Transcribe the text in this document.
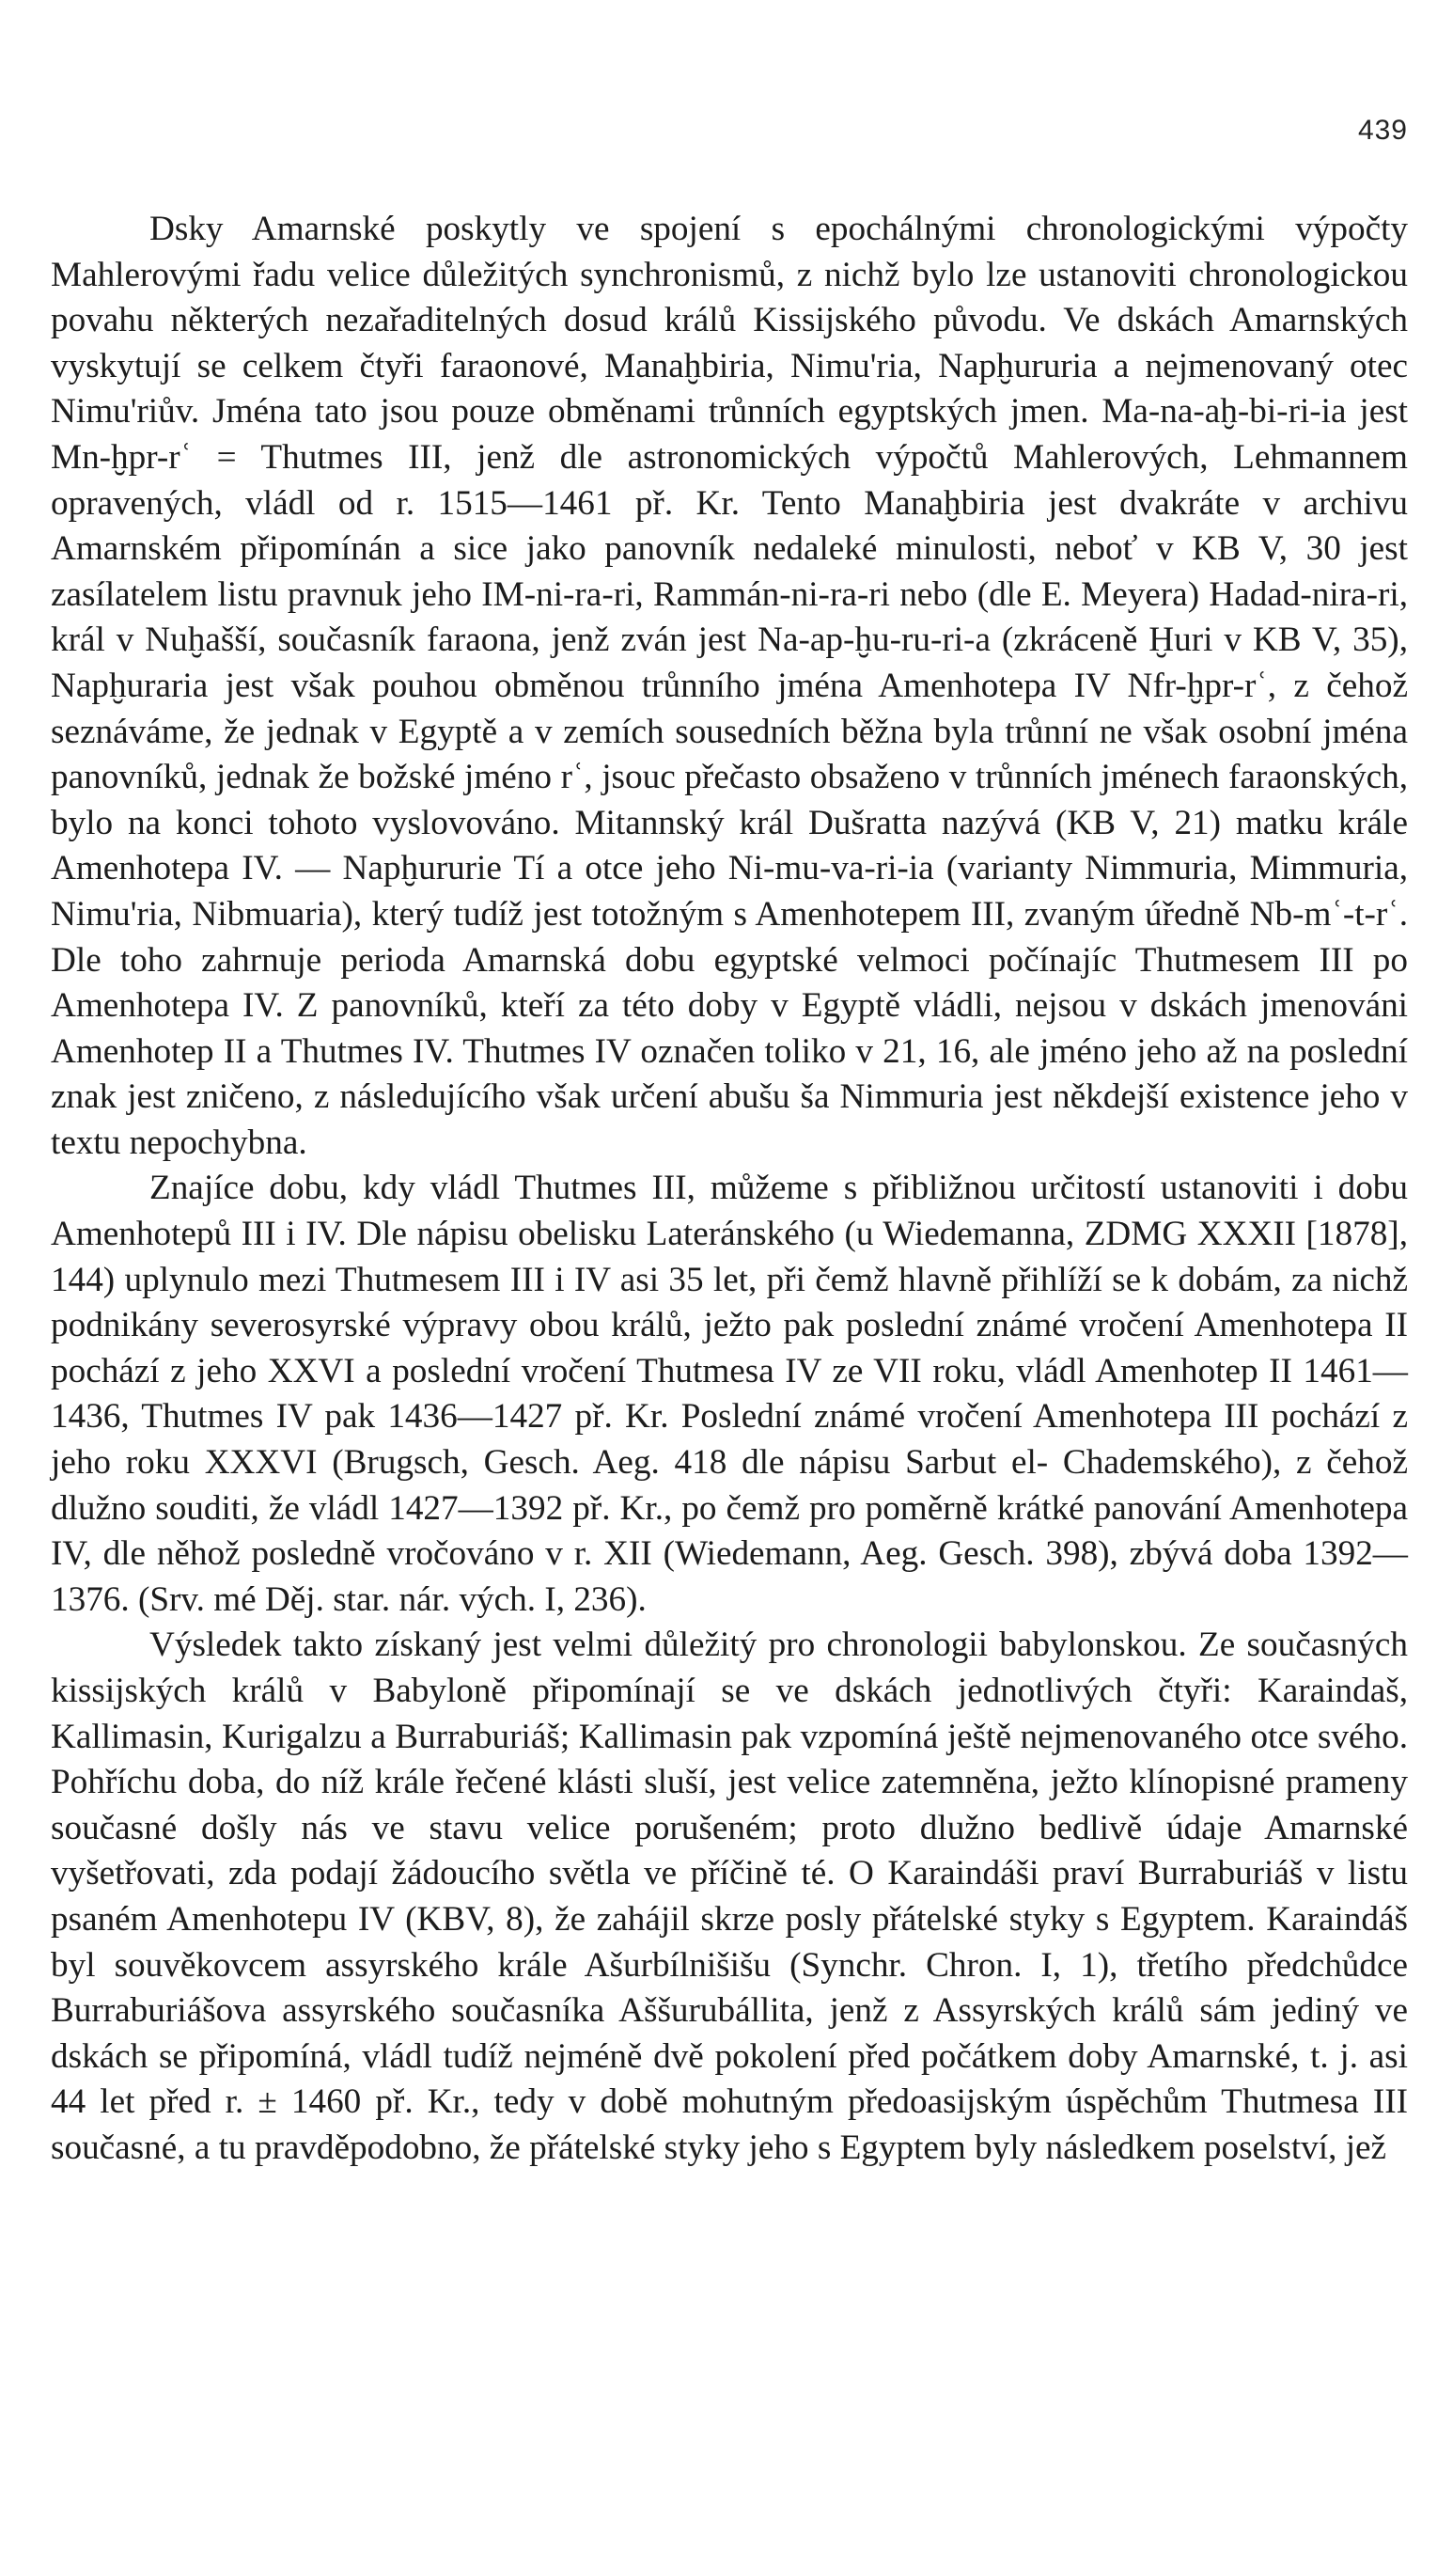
439

Dsky Amarnské poskytly ve spojení s epochálnými chronologickými výpočty Mahlerovými řadu velice důležitých synchronismů, z nichž bylo lze ustanoviti chronologickou povahu některých nezařaditelných dosud králů Kissijského původu. Ve dskách Amarnských vyskytují se celkem čtyři faraonové, Manaḫbiria, Nimu'ria, Napḫururia a nejmenovaný otec Nimu'riův. Jména tato jsou pouze obměnami trůnních egyptských jmen. Ma-na-aḫ-bi-ri-ia jest Mn-ḫpr-rʿ = Thutmes III, jenž dle astronomických výpočtů Mahlerových, Lehmannem opravených, vládl od r. 1515—1461 př. Kr. Tento Manaḫbiria jest dvakráte v archivu Amarnském připomínán a sice jako panovník nedaleké minulosti, neboť v KB V, 30 jest zasílatelem listu pravnuk jeho IM-ni-ra-ri, Rammán-ni-ra-ri nebo (dle E. Meyera) Hadad-nira-ri, král v Nuḫašší, současník faraona, jenž zván jest Na-ap-ḫu-ru-ri-a (zkráceně Ḫuri v KB V, 35), Napḫuraria jest však pouhou obměnou trůnního jména Amenhotepa IV Nfr-ḫpr-rʿ, z čehož seznáváme, že jednak v Egyptě a v zemích sousedních běžna byla trůnní ne však osobní jména panovníků, jednak že božské jméno rʿ, jsouc přečasto obsaženo v trůnních jménech faraonských, bylo na konci tohoto vyslovováno. Mitannský král Dušratta nazývá (KB V, 21) matku krále Amenhotepa IV. — Napḫururie Tí a otce jeho Ni-mu-va-ri-ia (varianty Nimmuria, Mimmuria, Nimu'ria, Nibmuaria), který tudíž jest totožným s Amenhotepem III, zvaným úředně Nb-mʿ-t-rʿ. Dle toho zahrnuje perioda Amarnská dobu egyptské velmoci počínajíc Thutmesem III po Amenhotepa IV. Z panovníků, kteří za této doby v Egyptě vládli, nejsou v dskách jmenováni Amenhotep II a Thutmes IV. Thutmes IV označen toliko v 21, 16, ale jméno jeho až na poslední znak jest zničeno, z následujícího však určení abušu ša Nimmuria jest někdejší existence jeho v textu nepochybna.

Znajíce dobu, kdy vládl Thutmes III, můžeme s přibližnou určitostí ustanoviti i dobu Amenhotepů III i IV. Dle nápisu obelisku Lateránského (u Wiedemanna, ZDMG XXXII [1878], 144) uplynulo mezi Thutmesem III i IV asi 35 let, při čemž hlavně přihlíží se k dobám, za nichž podnikány severosyrské výpravy obou králů, ježto pak poslední známé vročení Amenhotepa II pochází z jeho XXVI a poslední vročení Thutmesa IV ze VII roku, vládl Amenhotep II 1461—1436, Thutmes IV pak 1436—1427 př. Kr. Poslední známé vročení Amenhotepa III pochází z jeho roku XXXVI (Brugsch, Gesch. Aeg. 418 dle nápisu Sarbut el- Chademského), z čehož dlužno souditi, že vládl 1427—1392 př. Kr., po čemž pro poměrně krátké panování Amenhotepa IV, dle něhož posledně vročováno v r. XII (Wiedemann, Aeg. Gesch. 398), zbývá doba 1392—1376. (Srv. mé Děj. star. nár. vých. I, 236).

Výsledek takto získaný jest velmi důležitý pro chronologii babylonskou. Ze současných kissijských králů v Babyloně připomínají se ve dskách jednotlivých čtyři: Karaindaš, Kallimasin, Kurigalzu a Burraburiáš; Kallimasin pak vzpomíná ještě nejmenovaného otce svého. Pohříchu doba, do níž krále řečené klásti sluší, jest velice zatemněna, ježto klínopisné prameny současné došly nás ve stavu velice porušeném; proto dlužno bedlivě údaje Amarnské vyšetřovati, zda podají žádoucího světla ve příčině té. O Karaindáši praví Burraburiáš v listu psaném Amenhotepu IV (KBV, 8), že zahájil skrze posly přátelské styky s Egyptem. Karaindáš byl souvěkovcem assyrského krále Ašurbílnišišu (Synchr. Chron. I, 1), třetího předchůdce Burraburiášova assyrského současníka Aššurubállita, jenž z Assyrských králů sám jediný ve dskách se připomíná, vládl tudíž nejméně dvě pokolení před počátkem doby Amarnské, t. j. asi 44 let před r. ± 1460 př. Kr., tedy v době mohutným předoasijským úspěchům Thutmesa III současné, a tu pravděpodobno, že přátelské styky jeho s Egyptem byly následkem poselství, jež
